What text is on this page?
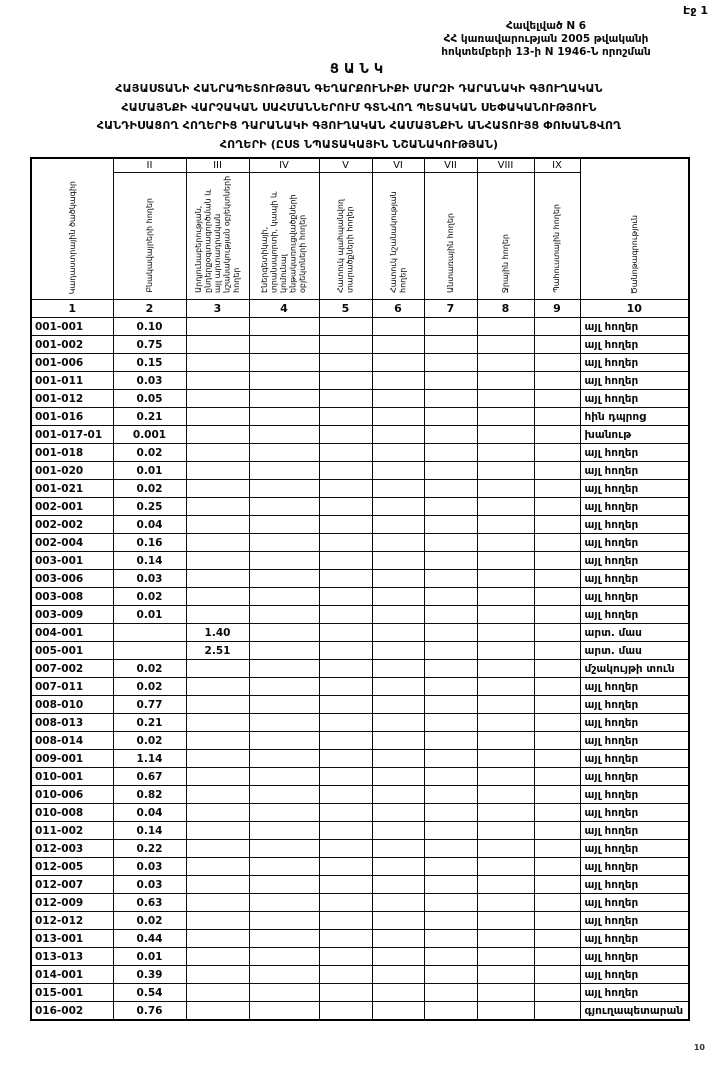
Էջ 1
Հավելված N 6
ՀՀ կառավարության 2005 թվականի
հոկտեմբերի 13-ի N 1946-Ն որոշման
ՑԱՆԿ
ՀԱՅԱՍՏԱՆԻ ՀԱՆՐԱՊԵՏՈՒԹՅԱՆ ԳԵՂԱՐՔՈՒՆԻՔԻ ՄԱՐԶԻ ԴԱՐԱՆԱԿԻ ԳՅՈՒՂԱԿԱՆ
ՀԱՄԱՅՆՔԻ ՎԱՐՉԱԿԱՆ ՍԱՀՄԱՆՆԵՐՈՒՄ ԳՏՆՎՈՂ ՊԵՏԱԿԱՆ ՍԵՓԱԿԱՆՈՒԹՅՈՒՆ
ՀԱՆԴԻՍԱՑՈՂ ՀՈՂԵՐԻՑ ԴԱՐԱՆԱԿԻ ԳՅՈՒՂԱԿԱՆ ՀԱՄԱՅՆՔԻՆ ԱՆՀԱՏՈՒՅՑ ՓՈԽԱՆՑՎՈՂ
ՀՈՂԵՐԻ (ԸՍՏ ՆՊԱՏԱԿԱՅԻՆ ՆՇԱՆԱԿՈՒԹՅԱՆ)
Կադաստրային ծածկագիր	II	III	IV	V	VI	VII	VIII	IX	Ծանոթագրություն
	Բնակավայրերի հողեր	Արդյունաբերության, ընդերքօգտագործման և այլ արտադրական նշանակության օբյեկտների հողեր	Էներգետիկայի, տրանսպորտի, կապի և կոմունալ ենթակառուցվածքների օբյեկտների հողեր	Հատուկ պահպանվող տարածքների հողեր	Հատուկ նշանակության հողեր	Անտառային հողեր	Ջրային հողեր	Պահուստային հողեր	
1	2	3	4	5	6	7	8	9	10
001-001	0.10								այլ հողեր
001-002	0.75								այլ հողեր
001-006	0.15								այլ հողեր
001-011	0.03								այլ հողեր
001-012	0.05								այլ հողեր
001-016	0.21								հին դպրոց
001-017-01	0.001								խանութ
001-018	0.02								այլ հողեր
001-020	0.01								այլ հողեր
001-021	0.02								այլ հողեր
002-001	0.25								այլ հողեր
002-002	0.04								այլ հողեր
002-004	0.16								այլ հողեր
003-001	0.14								այլ հողեր
003-006	0.03								այլ հողեր
003-008	0.02								այլ հողեր
003-009	0.01								այլ հողեր
004-001		1.40							արտ. մաս
005-001		2.51							արտ. մաս
007-002	0.02								մշակույթի տուն
007-011	0.02								այլ հողեր
008-010	0.77								այլ հողեր
008-013	0.21								այլ հողեր
008-014	0.02								այլ հողեր
009-001	1.14								այլ հողեր
010-001	0.67								այլ հողեր
010-006	0.82								այլ հողեր
010-008	0.04								այլ հողեր
011-002	0.14								այլ հողեր
012-003	0.22								այլ հողեր
012-005	0.03								այլ հողեր
012-007	0.03								այլ հողեր
012-009	0.63								այլ հողեր
012-012	0.02								այլ հողեր
013-001	0.44								այլ հողեր
013-013	0.01								այլ հողեր
014-001	0.39								այլ հողեր
015-001	0.54								այլ հողեր
016-002	0.76								գյուղապետարան
10
